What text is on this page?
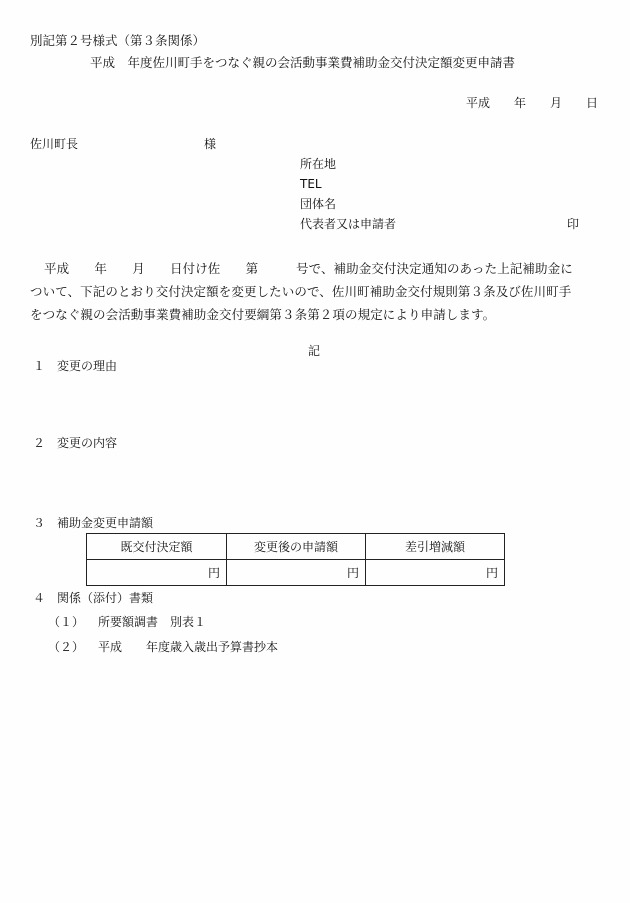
別記第２号様式（第３条関係）
平成　年度佐川町手をつなぐ親の会活動事業費補助金交付決定額変更申請書
平成　　年　　月　　日
佐川町長	様
所在地
TEL
団体名
代表者又は申請者	印
平成　　年　　月　　日付け佐　　第　　　号で、補助金交付決定通知のあった上記補助金に
ついて、下記のとおり交付決定額を変更したいので、佐川町補助金交付規則第３条及び佐川町手
をつなぐ親の会活動事業費補助金交付要綱第３条第２項の規定により申請します。
記
１　変更の理由
２　変更の内容
３　補助金変更申請額
既交付決定額	変更後の申請額	差引増減額
円	円	円
４　関係（添付）書類
（１） 所要額調書　別表１
（２） 平成　　年度歳入歳出予算書抄本
